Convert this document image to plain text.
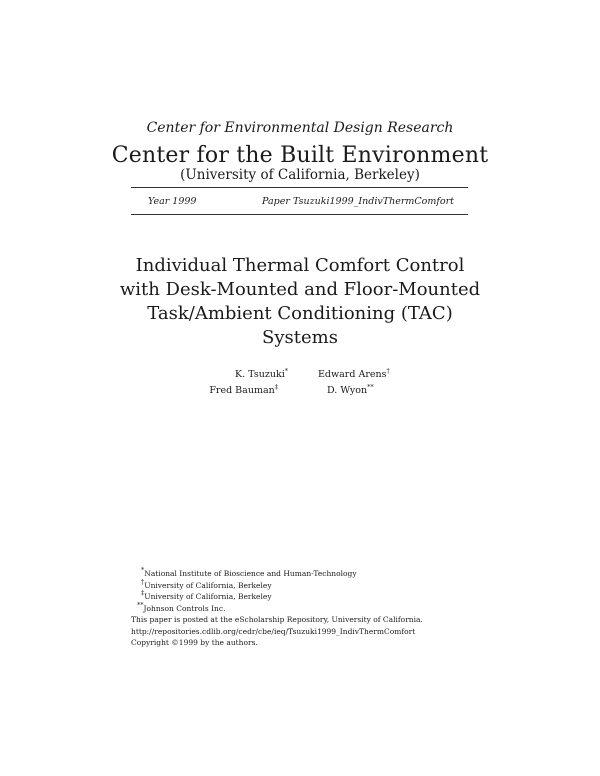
Center for Environmental Design Research
Center for the Built Environment
(University of California, Berkeley)
Year 1999	Paper Tsuzuki1999_IndivThermComfort
Individual Thermal Comfort Control
with Desk-Mounted and Floor-Mounted
Task/Ambient Conditioning (TAC)
Systems
K. Tsuzuki*	Edward Arens†
Fred Bauman‡	D. Wyon**
*National Institute of Bioscience and Human-Technology
†University of California, Berkeley
‡University of California, Berkeley
**Johnson Controls Inc.
This paper is posted at the eScholarship Repository, University of California.
http://repositories.cdlib.org/cedr/cbe/ieq/Tsuzuki1999_IndivThermComfort
Copyright ©1999 by the authors.
